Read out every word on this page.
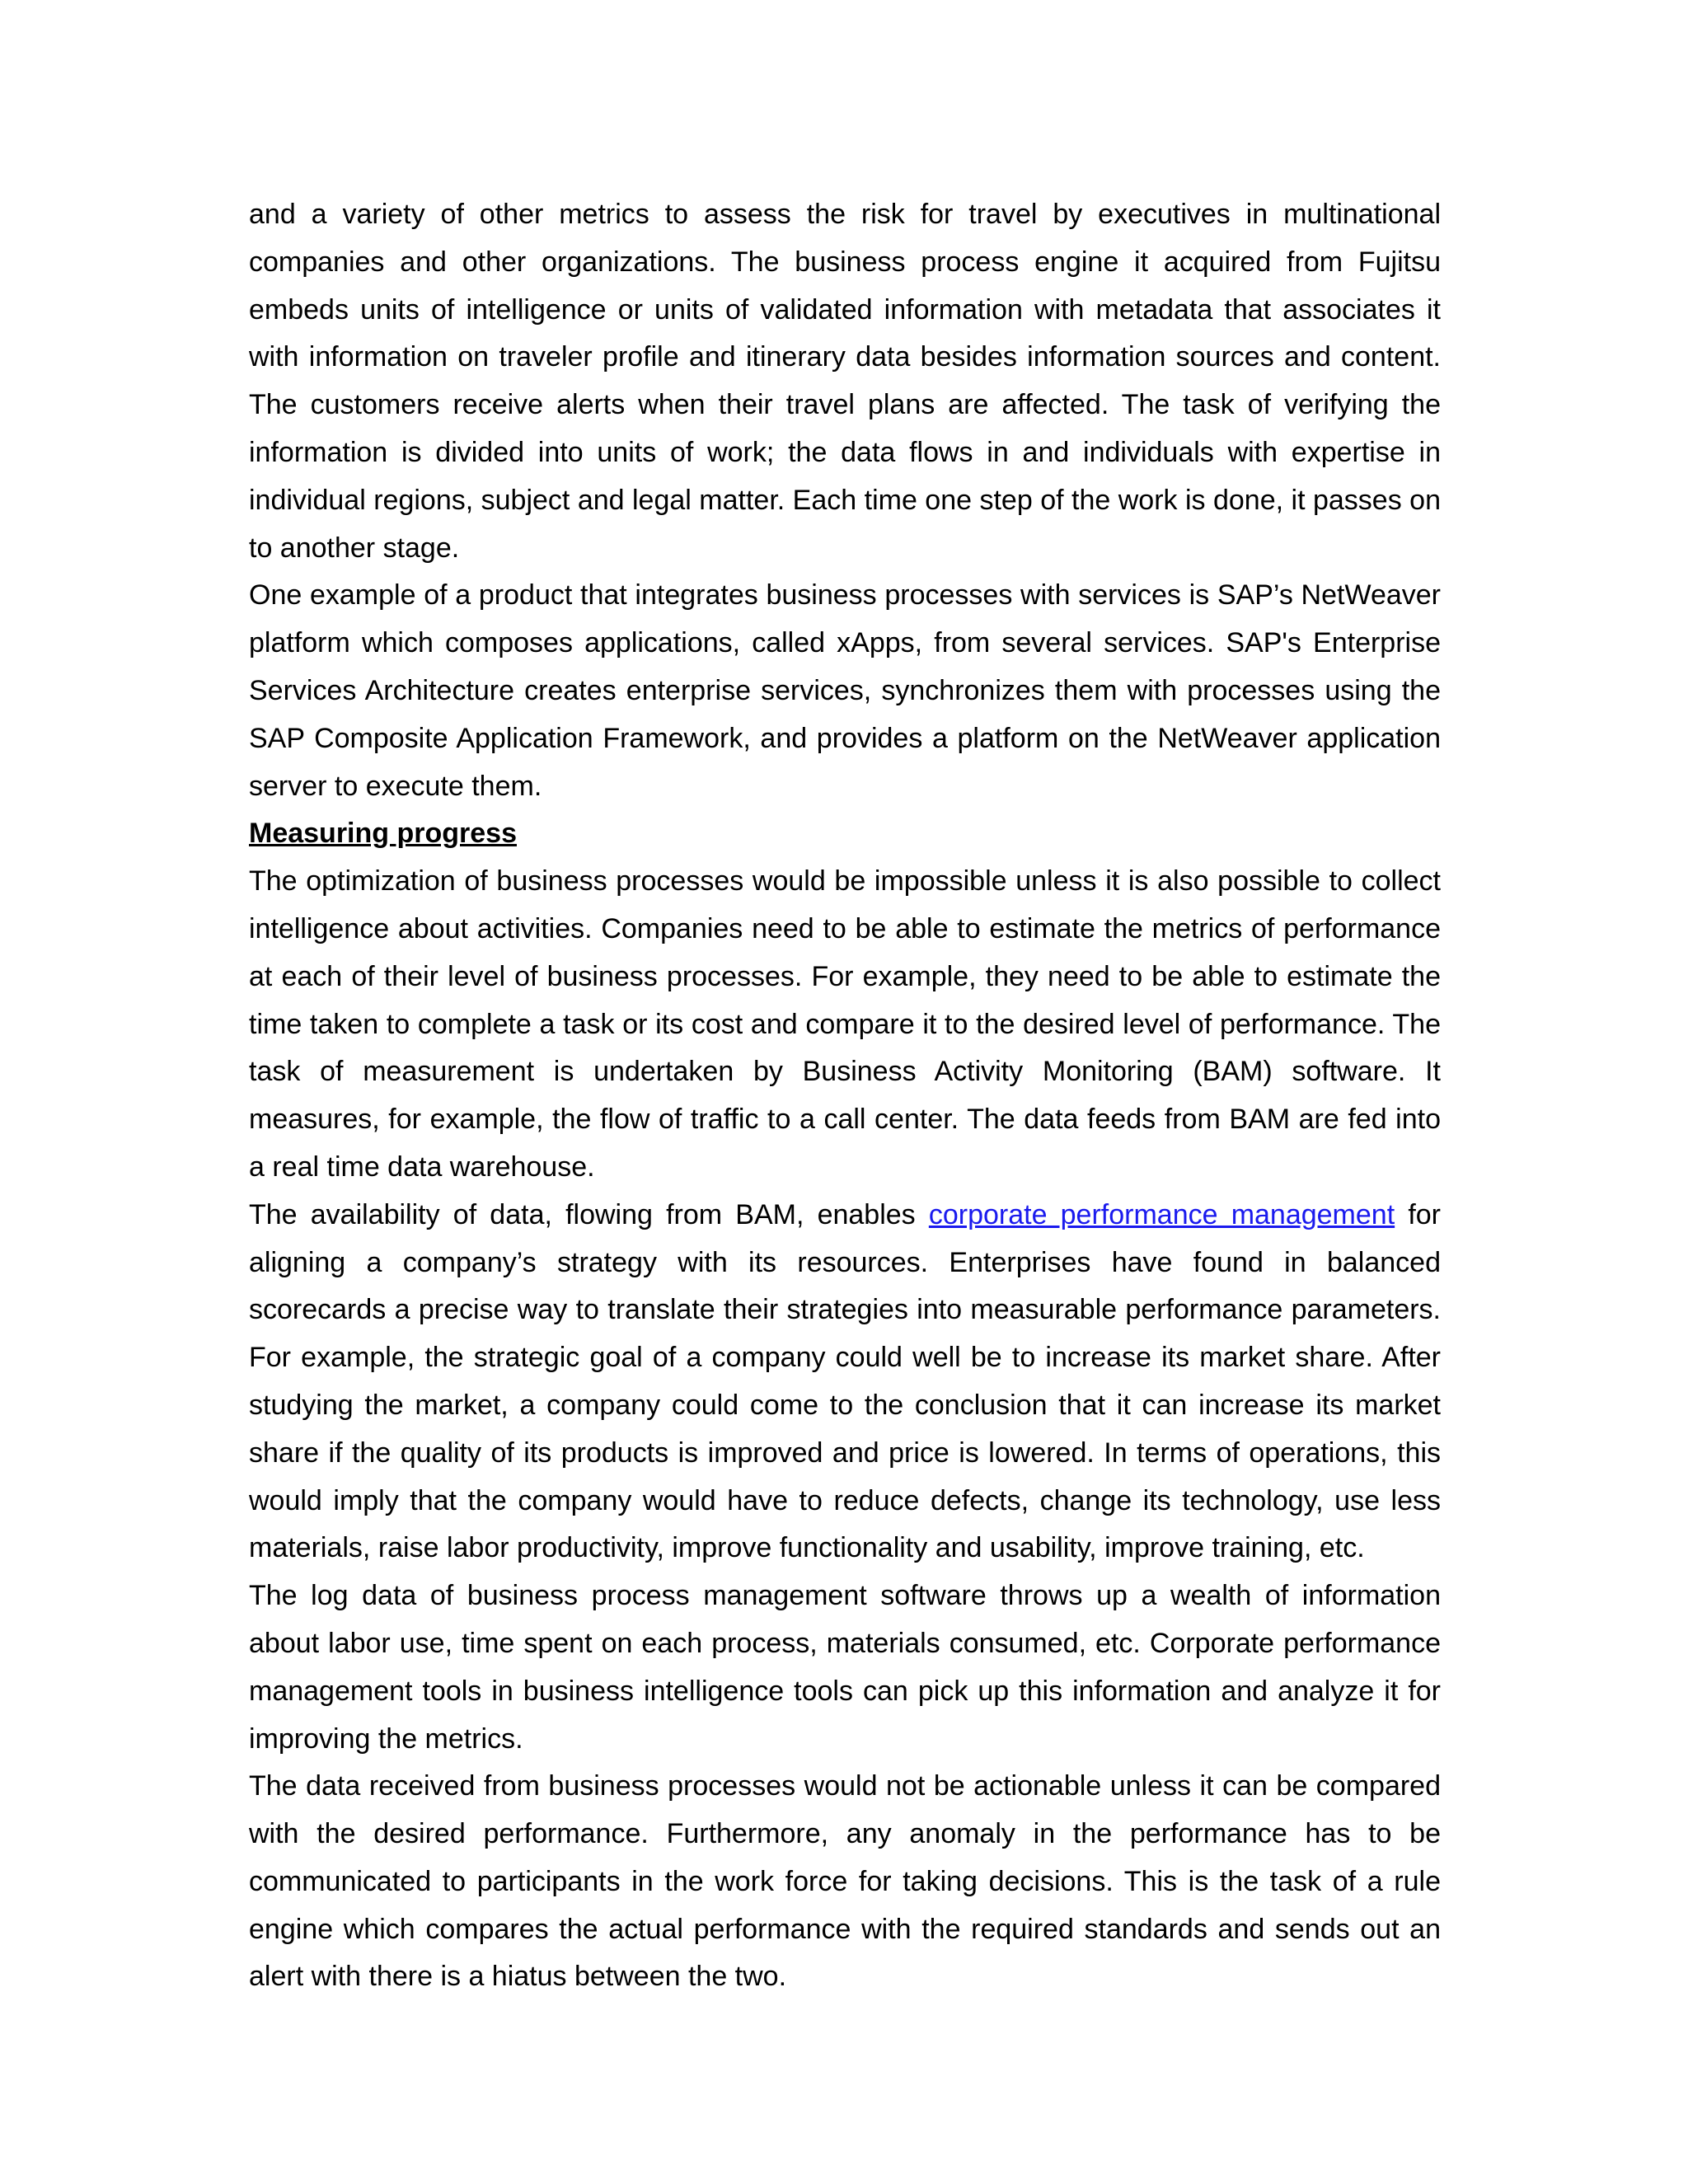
and a variety of other metrics to assess the risk for travel by executives in multinational companies and other organizations. The business process engine it acquired from Fujitsu embeds units of intelligence or units of validated information with metadata that associates it with information on traveler profile and itinerary data besides information sources and content. The customers receive alerts when their travel plans are affected. The task of verifying the information is divided into units of work; the data flows in and individuals with expertise in individual regions, subject and legal matter. Each time one step of the work is done, it passes on to another stage.

One example of a product that integrates business processes with services is SAP’s NetWeaver platform which composes applications, called xApps, from several services. SAP's Enterprise Services Architecture creates enterprise services, synchronizes them with processes using the SAP Composite Application Framework, and provides a platform on the NetWeaver application server to execute them.

Measuring progress

The optimization of business processes would be impossible unless it is also possible to collect intelligence about activities. Companies need to be able to estimate the metrics of performance at each of their level of business processes. For example, they need to be able to estimate the time taken to complete a task or its cost and compare it to the desired level of performance. The task of measurement is undertaken by Business Activity Monitoring (BAM) software. It measures, for example, the flow of traffic to a call center. The data feeds from BAM are fed into a real time data warehouse.

The availability of data, flowing from BAM, enables corporate performance management for aligning a company’s strategy with its resources. Enterprises have found in balanced scorecards a precise way to translate their strategies into measurable performance parameters. For example, the strategic goal of a company could well be to increase its market share. After studying the market, a company could come to the conclusion that it can increase its market share if the quality of its products is improved and price is lowered. In terms of operations, this would imply that the company would have to reduce defects, change its technology, use less materials, raise labor productivity, improve functionality and usability, improve training, etc.

The log data of business process management software throws up a wealth of information about labor use, time spent on each process, materials consumed, etc. Corporate performance management tools in business intelligence tools can pick up this information and analyze it for improving the metrics.

The data received from business processes would not be actionable unless it can be compared with the desired performance. Furthermore, any anomaly in the performance has to be communicated to participants in the work force for taking decisions. This is the task of a rule engine which compares the actual performance with the required standards and sends out an alert with there is a hiatus between the two.
